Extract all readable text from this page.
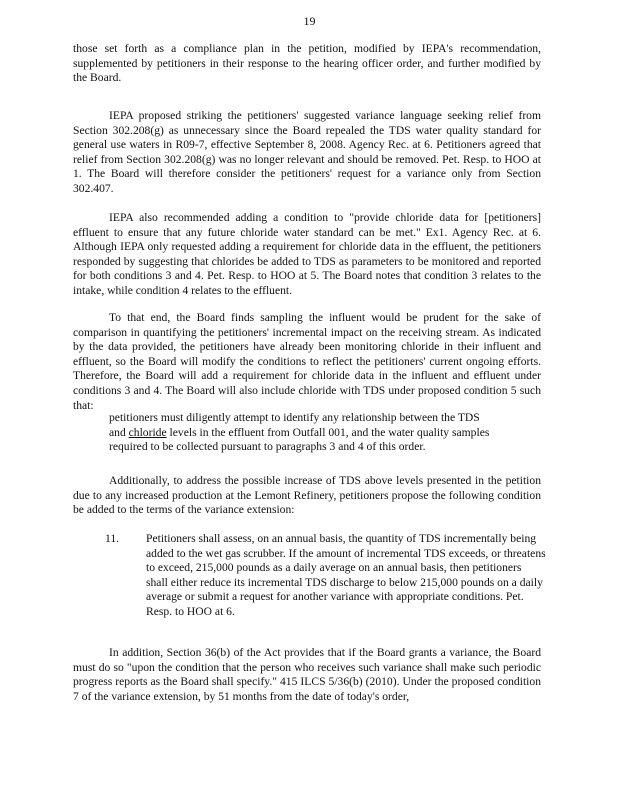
19

those set forth as a compliance plan in the petition, modified by IEPA's recommendation, supplemented by petitioners in their response to the hearing officer order, and further modified by the Board.

IEPA proposed striking the petitioners' suggested variance language seeking relief from Section 302.208(g) as unnecessary since the Board repealed the TDS water quality standard for general use waters in R09-7, effective September 8, 2008. Agency Rec. at 6. Petitioners agreed that relief from Section 302.208(g) was no longer relevant and should be removed. Pet. Resp. to HOO at 1. The Board will therefore consider the petitioners' request for a variance only from Section 302.407.

IEPA also recommended adding a condition to "provide chloride data for [petitioners] effluent to ensure that any future chloride water standard can be met." Ex1. Agency Rec. at 6. Although IEPA only requested adding a requirement for chloride data in the effluent, the petitioners responded by suggesting that chlorides be added to TDS as parameters to be monitored and reported for both conditions 3 and 4. Pet. Resp. to HOO at 5. The Board notes that condition 3 relates to the intake, while condition 4 relates to the effluent.

To that end, the Board finds sampling the influent would be prudent for the sake of comparison in quantifying the petitioners' incremental impact on the receiving stream. As indicated by the data provided, the petitioners have already been monitoring chloride in their influent and effluent, so the Board will modify the conditions to reflect the petitioners' current ongoing efforts. Therefore, the Board will add a requirement for chloride data in the influent and effluent under conditions 3 and 4. The Board will also include chloride with TDS under proposed condition 5 such that:

petitioners must diligently attempt to identify any relationship between the TDS
and chloride levels in the effluent from Outfall 001, and the water quality samples
required to be collected pursuant to paragraphs 3 and 4 of this order.

Additionally, to address the possible increase of TDS above levels presented in the petition due to any increased production at the Lemont Refinery, petitioners propose the following condition be added to the terms of the variance extension:

11.	Petitioners shall assess, on an annual basis, the quantity of TDS incrementally being added to the wet gas scrubber. If the amount of incremental TDS exceeds, or threatens to exceed, 215,000 pounds as a daily average on an annual basis, then petitioners shall either reduce its incremental TDS discharge to below 215,000 pounds on a daily average or submit a request for another variance with appropriate conditions. Pet. Resp. to HOO at 6.

In addition, Section 36(b) of the Act provides that if the Board grants a variance, the Board must do so "upon the condition that the person who receives such variance shall make such periodic progress reports as the Board shall specify." 415 ILCS 5/36(b) (2010). Under the proposed condition 7 of the variance extension, by 51 months from the date of today's order,
